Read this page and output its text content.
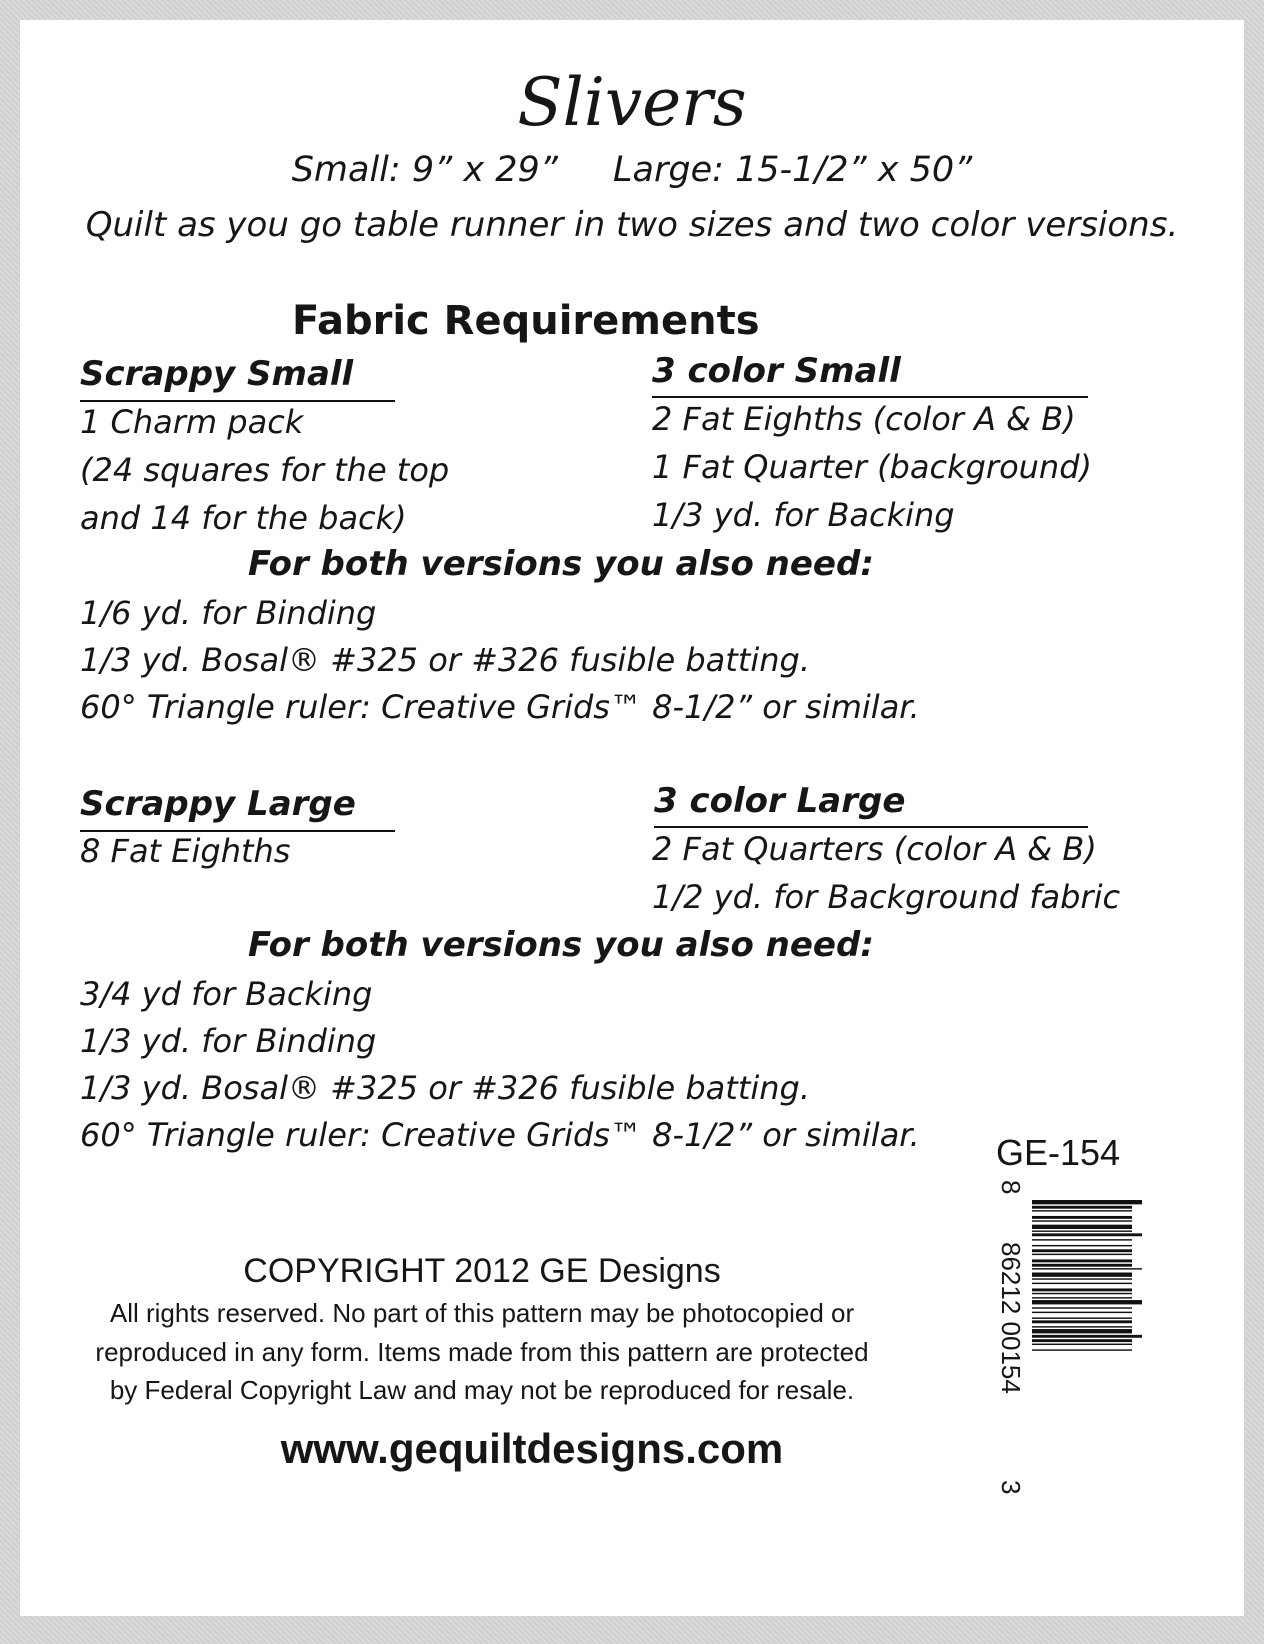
Slivers
Small: 9” x 29” Large: 15-1/2” x 50”
Quilt as you go table runner in two sizes and two color versions.
Fabric Requirements
Scrappy Small	3 color Small
1 Charm pack
(24 squares for the top
and 14 for the back)
2 Fat Eighths (color A & B)
1 Fat Quarter (background)
1/3 yd. for Backing
For both versions you also need:
1/6 yd. for Binding
1/3 yd. Bosal® #325 or #326 fusible batting.
60° Triangle ruler: Creative Grids™ 8-1/2” or similar.
Scrappy Large	3 color Large
8 Fat Eighths	2 Fat Quarters (color A & B)
1/2 yd. for Background fabric
For both versions you also need:
3/4 yd for Backing
1/3 yd. for Binding
1/3 yd. Bosal® #325 or #326 fusible batting.
60° Triangle ruler: Creative Grids™ 8-1/2” or similar. GE-154
8
86212 00154
3
COPYRIGHT 2012 GE Designs
All rights reserved. No part of this pattern may be photocopied or
reproduced in any form. Items made from this pattern are protected
by Federal Copyright Law and may not be reproduced for resale.
www.gequiltdesigns.com
